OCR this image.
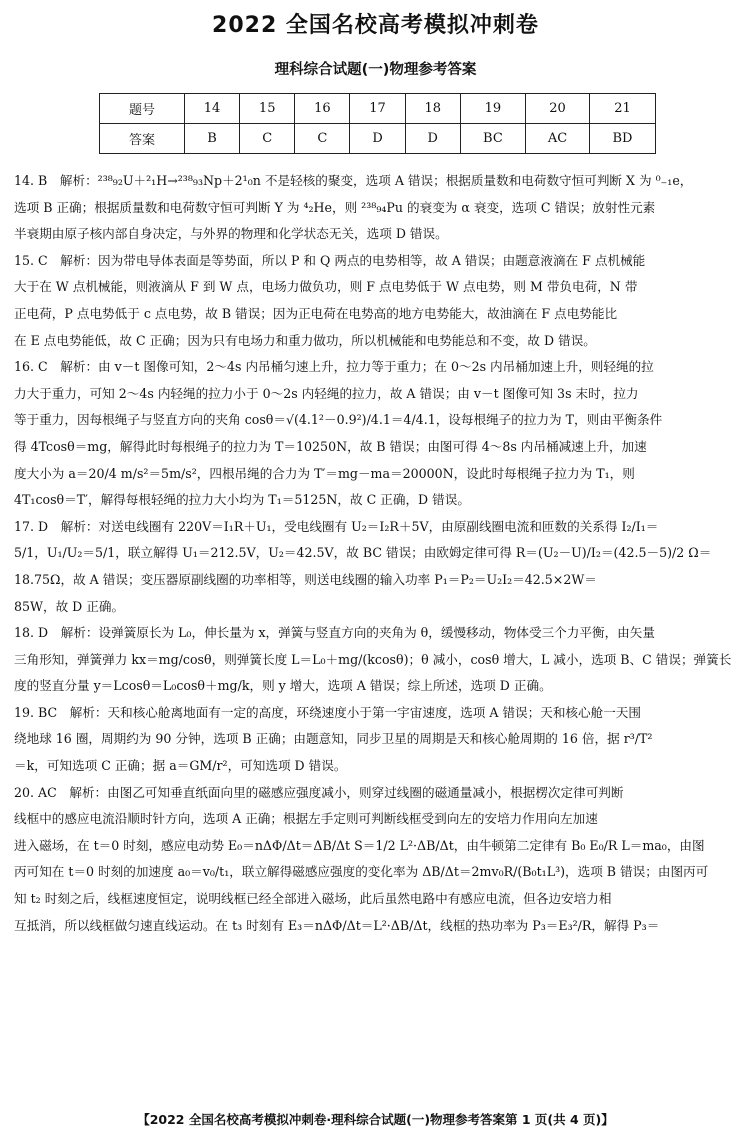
2022 全国名校高考模拟冲刺卷
理科综合试题(一)物理参考答案
题号	14	15	16	17	18	19	20	21
答案	B	C	C	D	D	BC	AC	BD
14. B　解析：²³⁸₉₂U＋²₁H→²³⁸₉₃Np＋2¹₀n 不是轻核的聚变，选项 A 错误；根据质量数和电荷数守恒可判断 X 为 ⁰₋₁e，
选项 B 正确；根据质量数和电荷数守恒可判断 Y 为 ⁴₂He，则 ²³⁸₉₄Pu 的衰变为 α 衰变，选项 C 错误；放射性元素
半衰期由原子核内部自身决定，与外界的物理和化学状态无关，选项 D 错误。
15. C　解析：因为带电导体表面是等势面，所以 P 和 Q 两点的电势相等，故 A 错误；由题意液滴在 F 点机械能
大于在 W 点机械能，则液滴从 F 到 W 点，电场力做负功，则 F 点电势低于 W 点电势，则 M 带负电荷，N 带
正电荷，P 点电势低于 c 点电势，故 B 错误；因为正电荷在电势高的地方电势能大，故油滴在 F 点电势能比
在 E 点电势能低，故 C 正确；因为只有电场力和重力做功，所以机械能和电势能总和不变，故 D 错误。
16. C　解析：由 v－t 图像可知，2～4s 内吊桶匀速上升，拉力等于重力；在 0～2s 内吊桶加速上升，则轻绳的拉
力大于重力，可知 2～4s 内轻绳的拉力小于 0～2s 内轻绳的拉力，故 A 错误；由 v－t 图像可知 3s 末时，拉力
等于重力，因每根绳子与竖直方向的夹角 cosθ＝√(4.1²－0.9²)/4.1＝4/4.1，设每根绳子的拉力为 T，则由平衡条件
得 4Tcosθ＝mg，解得此时每根绳子的拉力为 T＝10250N，故 B 错误；由图可得 4～8s 内吊桶减速上升，加速
度大小为 a＝20/4 m/s²＝5m/s²，四根吊绳的合力为 T′＝mg－ma＝20000N，设此时每根绳子拉力为 T₁，则
4T₁cosθ＝T′，解得每根轻绳的拉力大小均为 T₁＝5125N，故 C 正确，D 错误。
17. D　解析：对送电线圈有 220V＝I₁R＋U₁，受电线圈有 U₂＝I₂R＋5V，由原副线圈电流和匝数的关系得 I₂/I₁＝
5/1，U₁/U₂＝5/1，联立解得 U₁＝212.5V，U₂＝42.5V，故 BC 错误；由欧姆定律可得 R＝(U₂－U)/I₂＝(42.5－5)/2 Ω＝
18.75Ω，故 A 错误；变压器原副线圈的功率相等，则送电线圈的输入功率 P₁＝P₂＝U₂I₂＝42.5×2W＝
85W，故 D 正确。
18. D　解析：设弹簧原长为 L₀，伸长量为 x，弹簧与竖直方向的夹角为 θ，缓慢移动，物体受三个力平衡，由矢量
三角形知，弹簧弹力 kx＝mg/cosθ，则弹簧长度 L＝L₀＋mg/(kcosθ)；θ 减小，cosθ 增大，L 减小，选项 B、C 错误；弹簧长
度的竖直分量 y＝Lcosθ＝L₀cosθ＋mg/k，则 y 增大，选项 A 错误；综上所述，选项 D 正确。
19. BC　解析：天和核心舱离地面有一定的高度，环绕速度小于第一宇宙速度，选项 A 错误；天和核心舱一天围
绕地球 16 圈，周期约为 90 分钟，选项 B 正确；由题意知，同步卫星的周期是天和核心舱周期的 16 倍，据 r³/T²
＝k，可知选项 C 正确；据 a＝GM/r²，可知选项 D 错误。
20. AC　解析：由图乙可知垂直纸面向里的磁感应强度减小，则穿过线圈的磁通量减小，根据楞次定律可判断
线框中的感应电流沿顺时针方向，选项 A 正确；根据左手定则可判断线框受到向左的安培力作用向左加速
进入磁场，在 t＝0 时刻，感应电动势 E₀＝nΔΦ/Δt＝ΔB/Δt S＝1/2 L²·ΔB/Δt，由牛顿第二定律有 B₀ E₀/R L＝ma₀，由图
丙可知在 t＝0 时刻的加速度 a₀＝v₀/t₁，联立解得磁感应强度的变化率为 ΔB/Δt＝2mv₀R/(B₀t₁L³)，选项 B 错误；由图丙可
知 t₂ 时刻之后，线框速度恒定，说明线框已经全部进入磁场，此后虽然电路中有感应电流，但各边安培力相
互抵消，所以线框做匀速直线运动。在 t₃ 时刻有 E₃＝nΔΦ/Δt＝L²·ΔB/Δt，线框的热功率为 P₃＝E₃²/R，解得 P₃＝
【2022 全国名校高考模拟冲刺卷·理科综合试题(一)物理参考答案第 1 页(共 4 页)】
